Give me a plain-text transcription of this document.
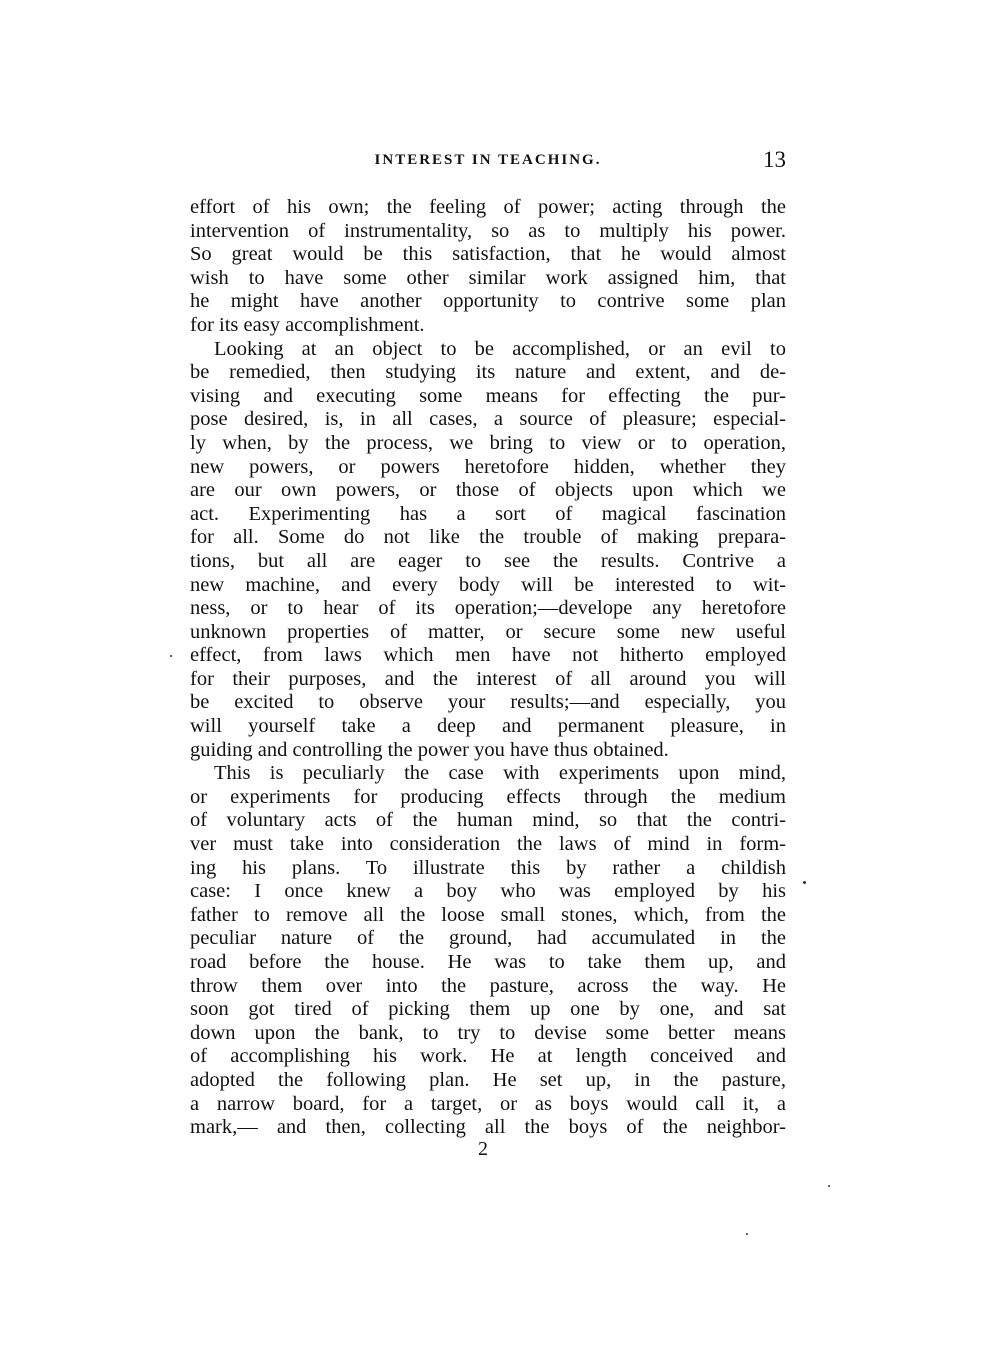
INTEREST IN TEACHING.	13
effort of his own; the feeling of power; acting through the
intervention of instrumentality, so as to multiply his power.
So great would be this satisfaction, that he would almost
wish to have some other similar work assigned him, that
he might have another opportunity to contrive some plan
for its easy accomplishment.
Looking at an object to be accomplished, or an evil to
be remedied, then studying its nature and extent, and de-
vising and executing some means for effecting the pur-
pose desired, is, in all cases, a source of pleasure; especial-
ly when, by the process, we bring to view or to operation,
new powers, or powers heretofore hidden, whether they
are our own powers, or those of objects upon which we
act. Experimenting has a sort of magical fascination
for all. Some do not like the trouble of making prepara-
tions, but all are eager to see the results. Contrive a
new machine, and every body will be interested to wit-
ness, or to hear of its operation;—develope any heretofore
unknown properties of matter, or secure some new useful
effect, from laws which men have not hitherto employed
for their purposes, and the interest of all around you will
be excited to observe your results;—and especially, you
will yourself take a deep and permanent pleasure, in
guiding and controlling the power you have thus obtained.
This is peculiarly the case with experiments upon mind,
or experiments for producing effects through the medium
of voluntary acts of the human mind, so that the contri-
ver must take into consideration the laws of mind in form-
ing his plans. To illustrate this by rather a childish
case: I once knew a boy who was employed by his
father to remove all the loose small stones, which, from the
peculiar nature of the ground, had accumulated in the
road before the house. He was to take them up, and
throw them over into the pasture, across the way. He
soon got tired of picking them up one by one, and sat
down upon the bank, to try to devise some better means
of accomplishing his work. He at length conceived and
adopted the following plan. He set up, in the pasture,
a narrow board, for a target, or as boys would call it, a
mark,— and then, collecting all the boys of the neighbor-
2
